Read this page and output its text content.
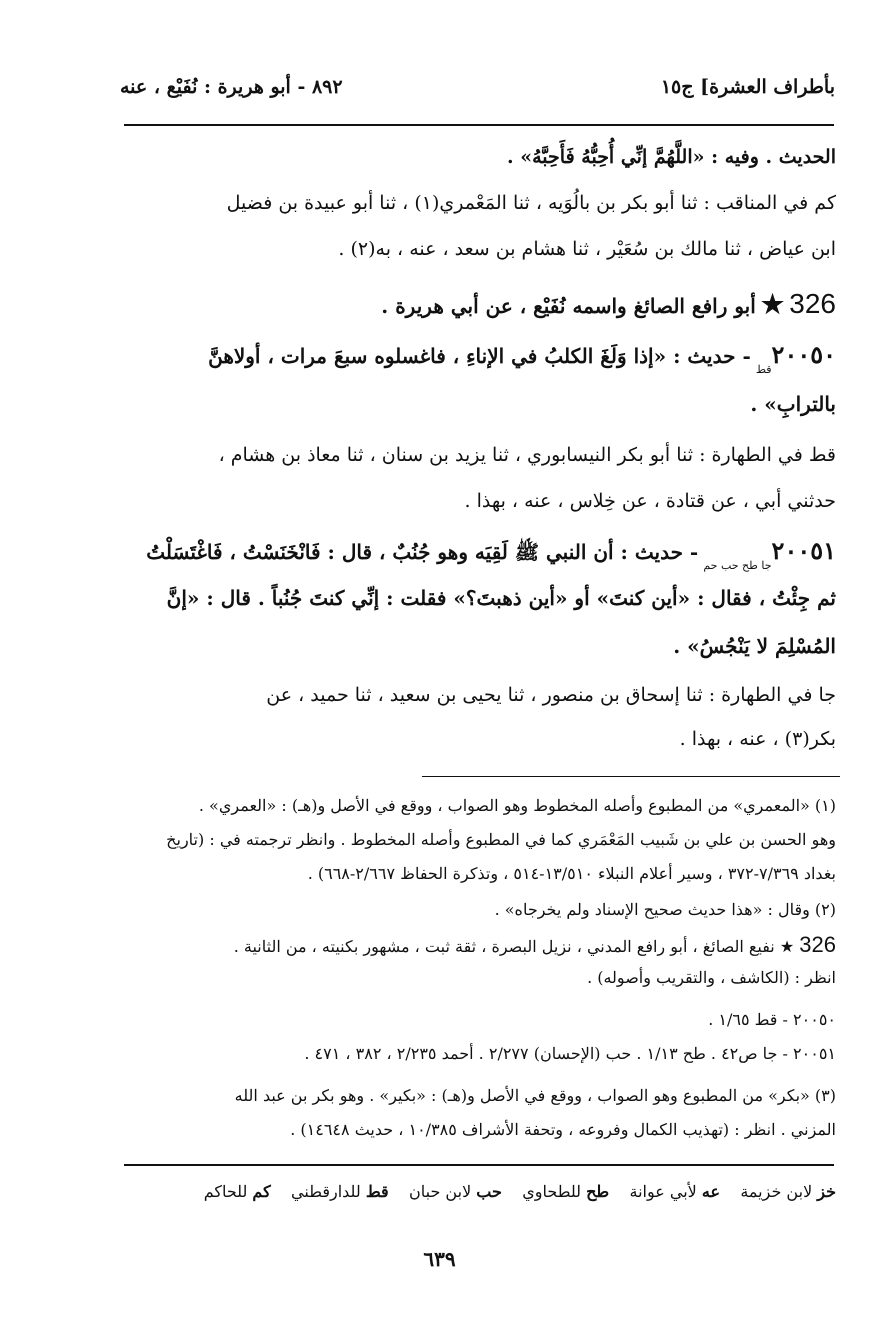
بأطراف العشرة] ج١٥
٨٩٢ - أبو هريرة : نُفَيْع ، عنه
الحديث . وفيه : «اللَّهُمَّ إنِّي أُحِبُّهُ فَأَحِبَّهُ» .
كم في المناقب : ثنا أبو بكر بن بالُوَيه ، ثنا المَعْمري(١) ، ثنا أبو عبيدة بن فضيل
ابن عياض ، ثنا مالك بن سُعَيْر ، ثنا هشام بن سعد ، عنه ، به(٢) .
326 ★ أبو رافع الصائغ واسمه نُفَيْع ، عن أبي هريرة .
$٢٠٠٥٠_{قط}$ - حديث : «إذا وَلَغَ الكلبُ في الإناءِ ، فاغسلوه سبعَ مرات ، أولاهنَّ
بالترابِ» .
قط في الطهارة : ثنا أبو بكر النيسابوري ، ثنا يزيد بن سنان ، ثنا معاذ بن هشام ،
حدثني أبي ، عن قتادة ، عن خِلاس ، عنه ، بهذا .
$٢٠٠٥١_{جا طح حب حم}$ - حديث : أن النبي ﷺ لَقِيَه وهو جُنُبٌ ، قال : فَانْخَنَسْتُ ، فَاغْتَسَلْتُ
ثم جِئْتُ ، فقال : «أين كنتَ» أو «أين ذهبتَ؟» فقلت : إنِّي كنتَ جُنُباً . قال : «إنَّ
المُسْلِمَ لا يَنْجُسُ» .
جا في الطهارة : ثنا إسحاق بن منصور ، ثنا يحيى بن سعيد ، ثنا حميد ، عن
بكر(٣) ، عنه ، بهذا .
(١) «المعمري» من المطبوع وأصله المخطوط وهو الصواب ، ووقع في الأصل و(هـ) : «العمري» .
وهو الحسن بن علي بن شَبيب المَعْمَري كما في المطبوع وأصله المخطوط . وانظر ترجمته في : (تاريخ
بغداد ٧/٣٦٩-٣٧٢ ، وسير أعلام النبلاء ١٣/٥١٠-٥١٤ ، وتذكرة الحفاظ ٢/٦٦٧-٦٦٨) .
(٢) وقال : «هذا حديث صحيح الإسناد ولم يخرجاه» .
326 ★ نفيع الصائغ ، أبو رافع المدني ، نزيل البصرة ، ثقة ثبت ، مشهور بكنيته ، من الثانية .
انظر : (الكاشف ، والتقريب وأصوله) .
٢٠٠٥٠ - قط ١/٦٥ .
٢٠٠٥١ - جا ص٤٢ . طح ١/١٣ . حب (الإحسان) ٢/٢٧٧ . أحمد ٢/٢٣٥ ، ٣٨٢ ، ٤٧١ .
(٣) «بكر» من المطبوع وهو الصواب ، ووقع في الأصل و(هـ) : «بكير» . وهو بكر بن عبد الله
المزني . انظر : (تهذيب الكمال وفروعه ، وتحفة الأشراف ١٠/٣٨٥ ، حديث ١٤٦٤٨) .
خز لابن خزيمة    عه لأبي عوانة    طح للطحاوي    حب لابن حبان    قط للدارقطني    كم للحاكم
٦٣٩
